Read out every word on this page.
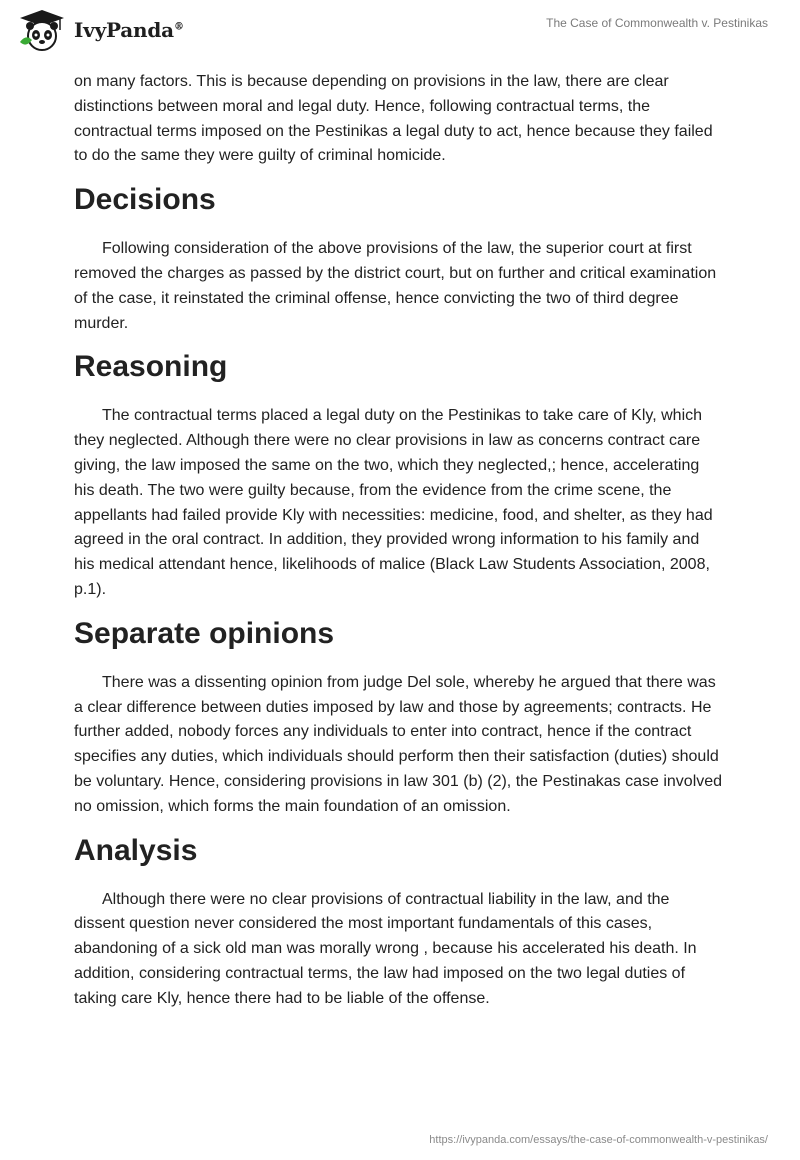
IvyPanda®	The Case of Commonwealth v. Pestinikas

on many factors. This is because depending on provisions in the law, there are clear distinctions between moral and legal duty. Hence, following contractual terms, the contractual terms imposed on the Pestinikas a legal duty to act, hence because they failed to do the same they were guilty of criminal homicide.

Decisions

Following consideration of the above provisions of the law, the superior court at first removed the charges as passed by the district court, but on further and critical examination of the case, it reinstated the criminal offense, hence convicting the two of third degree murder.

Reasoning

The contractual terms placed a legal duty on the Pestinikas to take care of Kly, which they neglected. Although there were no clear provisions in law as concerns contract care giving, the law imposed the same on the two, which they neglected,; hence, accelerating his death. The two were guilty because, from the evidence from the crime scene, the appellants had failed provide Kly with necessities: medicine, food, and shelter, as they had agreed in the oral contract. In addition, they provided wrong information to his family and his medical attendant hence, likelihoods of malice (Black Law Students Association, 2008, p.1).

Separate opinions

There was a dissenting opinion from judge Del sole, whereby he argued that there was a clear difference between duties imposed by law and those by agreements; contracts. He further added, nobody forces any individuals to enter into contract, hence if the contract specifies any duties, which individuals should perform then their satisfaction (duties) should be voluntary. Hence, considering provisions in law 301 (b) (2), the Pestinakas case involved no omission, which forms the main foundation of an omission.

Analysis

Although there were no clear provisions of contractual liability in the law, and the dissent question never considered the most important fundamentals of this cases, abandoning of a sick old man was morally wrong , because his accelerated his death. In addition, considering contractual terms, the law had imposed on the two legal duties of taking care Kly, hence there had to be liable of the offense.

https://ivypanda.com/essays/the-case-of-commonwealth-v-pestinikas/
